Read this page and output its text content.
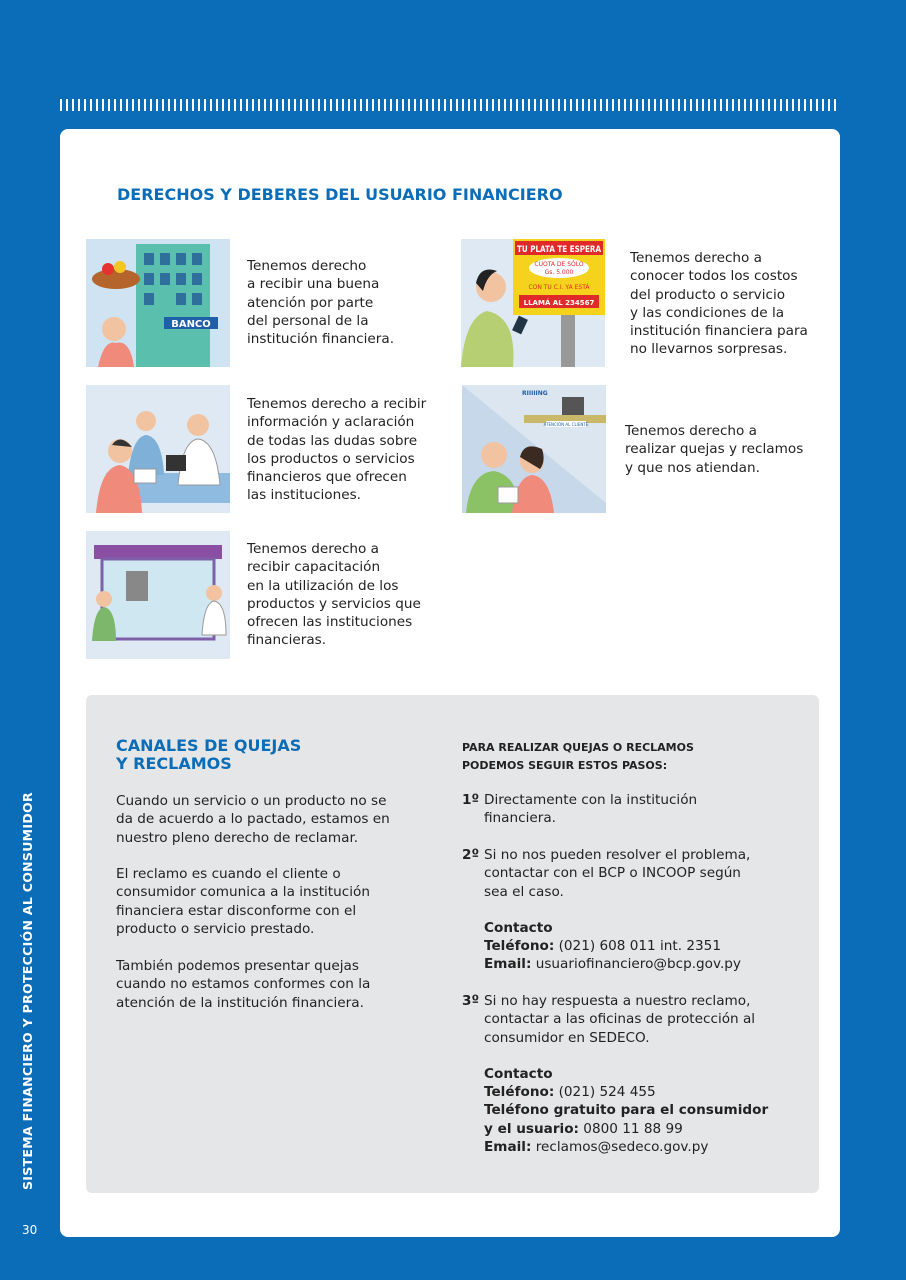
SISTEMA FINANCIERO Y PROTECCIÓN AL CONSUMIDOR
30
DERECHOS Y DEBERES DEL USUARIO FINANCIERO
BANCO
Tenemos derecho
a recibir una buena
atención por parte
del personal de la
institución financiera.
Tenemos derecho a recibir
información y aclaración
de todas las dudas sobre
los productos o servicios
financieros que ofrecen
las instituciones.
Tenemos derecho a
recibir capacitación
en la utilización de los
productos y servicios que
ofrecen las instituciones
financieras.
TU PLATA TE ESPERA
CUOTA DE SÓLO
Gs. 5.000
CON TU C.I. YA ESTÁ
LLAMÁ AL 234567
Tenemos derecho a
conocer todos los costos
del producto o servicio
y las condiciones de la
institución financiera para
no llevarnos sorpresas.
ATENCIÓN AL CLIENTE
RIIIIING
Tenemos derecho a
realizar quejas y reclamos
y que nos atiendan.
CANALES DE QUEJAS
Y RECLAMOS
Cuando un servicio o un producto no se
da de acuerdo a lo pactado, estamos en
nuestro pleno derecho de reclamar.
El reclamo es cuando el cliente o
consumidor comunica a la institución
financiera estar disconforme con el
producto o servicio prestado.
También podemos presentar quejas
cuando no estamos conformes con la
atención de la institución financiera.
PARA REALIZAR QUEJAS O RECLAMOS
PODEMOS SEGUIR ESTOS PASOS:
1º Directamente con la institución
financiera.
2º Si no nos pueden resolver el problema,
contactar con el BCP o INCOOP según
sea el caso.
Contacto
Teléfono: (021) 608 011 int. 2351
Email: usuariofinanciero@bcp.gov.py
3º Si no hay respuesta a nuestro reclamo,
contactar a las oficinas de protección al
consumidor en SEDECO.
Contacto
Teléfono: (021) 524 455
Teléfono gratuito para el consumidor
y el usuario: 0800 11 88 99
Email: reclamos@sedeco.gov.py
